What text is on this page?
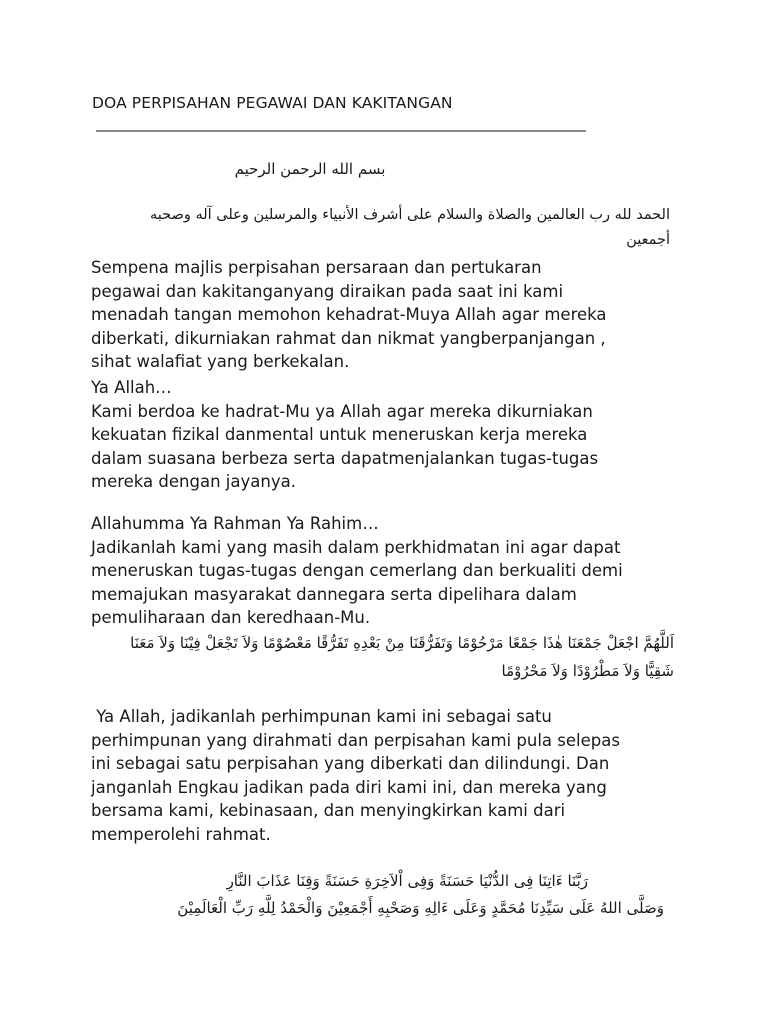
DOA PERPISAHAN PEGAWAI DAN KAKITANGAN
______________________________________________________________________
بسم الله الرحمن الرحيم
الحمد لله رب العالمين والصلاة والسلام على أشرف الأنبياء والمرسلين وعلى آله وصحبه
أجمعين
Sempena majlis perpisahan persaraan dan pertukaran
pegawai dan kakitanganyang diraikan pada saat ini kami
menadah tangan memohon kehadrat-Muya Allah agar mereka
diberkati, dikurniakan rahmat dan nikmat yangberpanjangan ,
sihat walafiat yang berkekalan.
Ya Allah…
Kami berdoa ke hadrat-Mu ya Allah agar mereka dikurniakan
kekuatan fizikal danmental untuk meneruskan kerja mereka
dalam suasana berbeza serta dapatmenjalankan tugas-tugas
mereka dengan jayanya.
Allahumma Ya Rahman Ya Rahim…
Jadikanlah kami yang masih dalam perkhidmatan ini agar dapat
meneruskan tugas-tugas dengan cemerlang dan berkualiti demi
memajukan masyarakat dannegara serta dipelihara dalam
pemuliharaan dan keredhaan-Mu.
اَللَّهُمَّ اجْعَلْ جَمْعَنَا هٰذَا جَمْعًا مَرْحُوْمًا وَتَفَرُّقَنَا مِنْ بَعْدِهِ تَفَرُّقًا مَعْصُوْمًا وَلاَ تَجْعَلْ فِيْنَا وَلاَ مَعَنَا
شَقِيًّا وَلاَ مَطْرُوْدًا وَلاَ مَحْرُوْمًا
Ya Allah, jadikanlah perhimpunan kami ini sebagai satu
perhimpunan yang dirahmati dan perpisahan kami pula selepas
ini sebagai satu perpisahan yang diberkati dan dilindungi. Dan
janganlah Engkau jadikan pada diri kami ini, dan mereka yang
bersama kami, kebinasaan, dan menyingkirkan kami dari
memperolehi rahmat.
رَبَّنَا ءَاتِنَا فِى الدُّنْيَا حَسَنَةً وَفِى اْلاَخِرَةِ حَسَنَةً وَقِنَا عَذَابَ النَّارِ
وَصَلَّى اللهُ عَلَى سَيِّدِنَا مُحَمَّدٍ وَعَلَى ءَالِهِ وَصَحْبِهِ أَجْمَعِيْنَ وَالْحَمْدُ لِلَّهِ رَبِّ الْعَالَمِيْنَ
